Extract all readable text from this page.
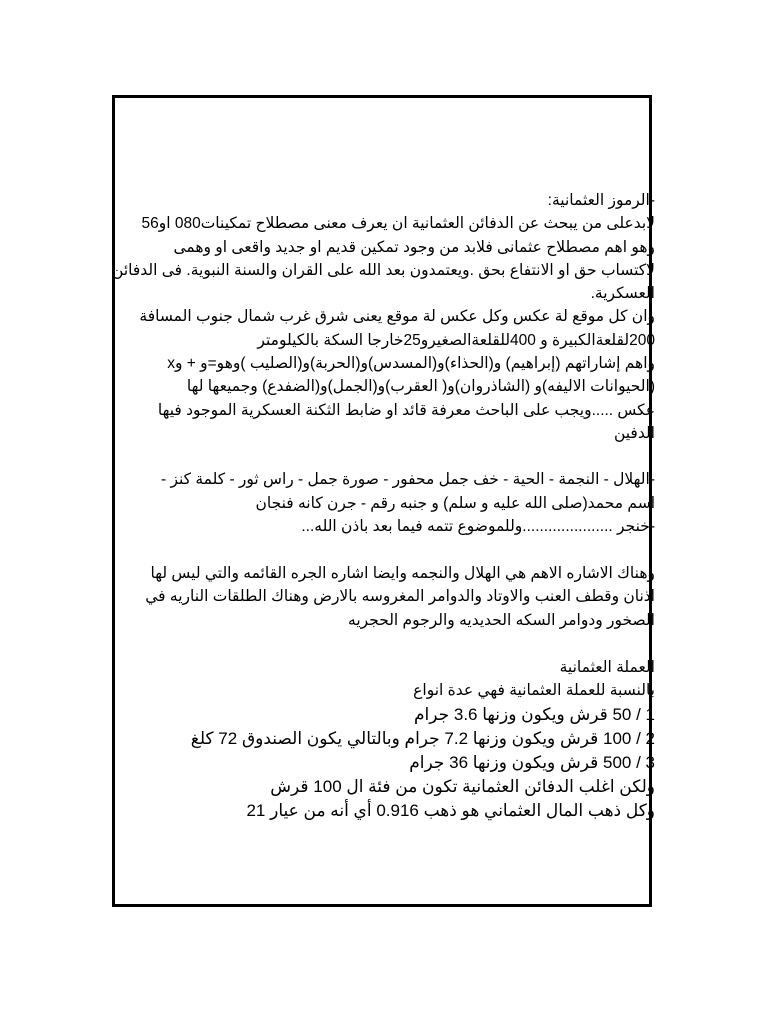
-الرموز العثمانية:
لابدعلى من يبحث عن الدفائن العثمانية ان يعرف معنى مصطلاح تمكينات080 او56
وهو اهم مصطلاح عثمانى فلابد من وجود تمكين قديم او جديد واقعى او وهمى
لاكتساب حق او الانتفاع بحق .ويعتمدون بعد الله على القران والسنة النبوية. فى الدفائن
العسكرية.
وان كل موقع لة عكس وكل عكس لة موقع يعنى شرق غرب شمال جنوب المسافة
200لقلعةالكبيرة و 400للقلعةالصغيرو25خارجا السكة بالكيلومتر
واهم إشاراتهم (إبراهيم) و(الحذاء)و(المسدس)و(الحربة)و(الصليب )وهو=و + وx
(الحيوانات الاليفه)و (الشاذروان)و( العقرب)و(الجمل)و(الضفدع) وجميعها لها
عكس .....ويجب على الباحث معرفة قائد او ضابط الثكنة العسكرية الموجود فيها
الدفين
-الهلال - النجمة - الحية - خف جمل محفور - صورة جمل - راس ثور - كلمة كنز -
اسم محمد(صلى الله عليه و سلم) و جنبه رقم - جرن كانه فنجان
-خنجر .....................وللموضوع تتمه فيما بعد باذن الله...
وهناك الاشاره الاهم هي الهلال والنجمه وايضا اشاره الجره القائمه والتي ليس لها
اذنان وقطف العنب والاوتاد والدوامر المغروسه بالارض وهناك الطلقات الناريه في
الصخور ودوامر السكه الحديديه والرجوم الحجريه
العملة العثمانية
بالنسبة للعملة العثمانية فهي عدة انواع
1 / 50 قرش ويكون وزنها 3.6 جرام
2 / 100 قرش ويكون وزنها 7.2 جرام وبالتالي يكون الصندوق 72 كلغ
3 / 500 قرش ويكون وزنها 36 جرام
ولكن اغلب الدفائن العثمانية تكون من فئة ال 100 قرش
وكل ذهب المال العثماني هو ذهب 0.916 أي أنه من عيار 21
